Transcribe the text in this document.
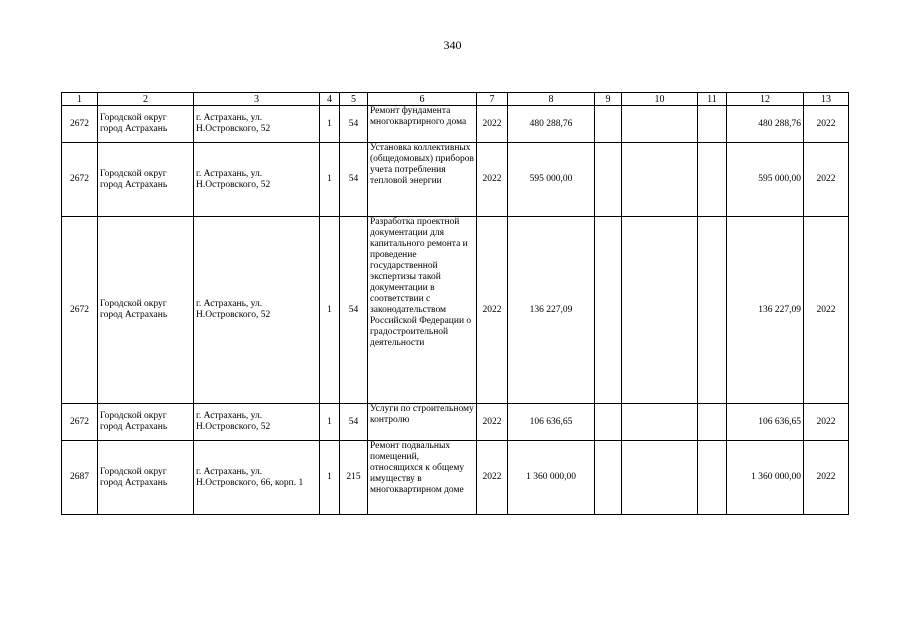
340
1	2	3	4	5	6	7	8	9	10	11	12	13
2672	Городской округ город Астрахань	г. Астрахань, ул. Н.Островского, 52	1	54	Ремонт фундамента многоквартирного дома	2022	480 288,76				480 288,76	2022
2672	Городской округ город Астрахань	г. Астрахань, ул. Н.Островского, 52	1	54	Установка коллективных (общедомовых) приборов учета потребления тепловой энергии	2022	595 000,00				595 000,00	2022
2672	Городской округ город Астрахань	г. Астрахань, ул. Н.Островского, 52	1	54	Разработка проектной документации для капитального ремонта и проведение государственной экспертизы такой документации в соответствии с законодательством Российской Федерации о градостроительной деятельности	2022	136 227,09				136 227,09	2022
2672	Городской округ город Астрахань	г. Астрахань, ул. Н.Островского, 52	1	54	Услуги по строительному контролю	2022	106 636,65				106 636,65	2022
2687	Городской округ город Астрахань	г. Астрахань, ул. Н.Островского, 66, корп. 1	1	215	Ремонт подвальных помещений, относящихся к общему имуществу в многоквартирном доме	2022	1 360 000,00				1 360 000,00	2022
